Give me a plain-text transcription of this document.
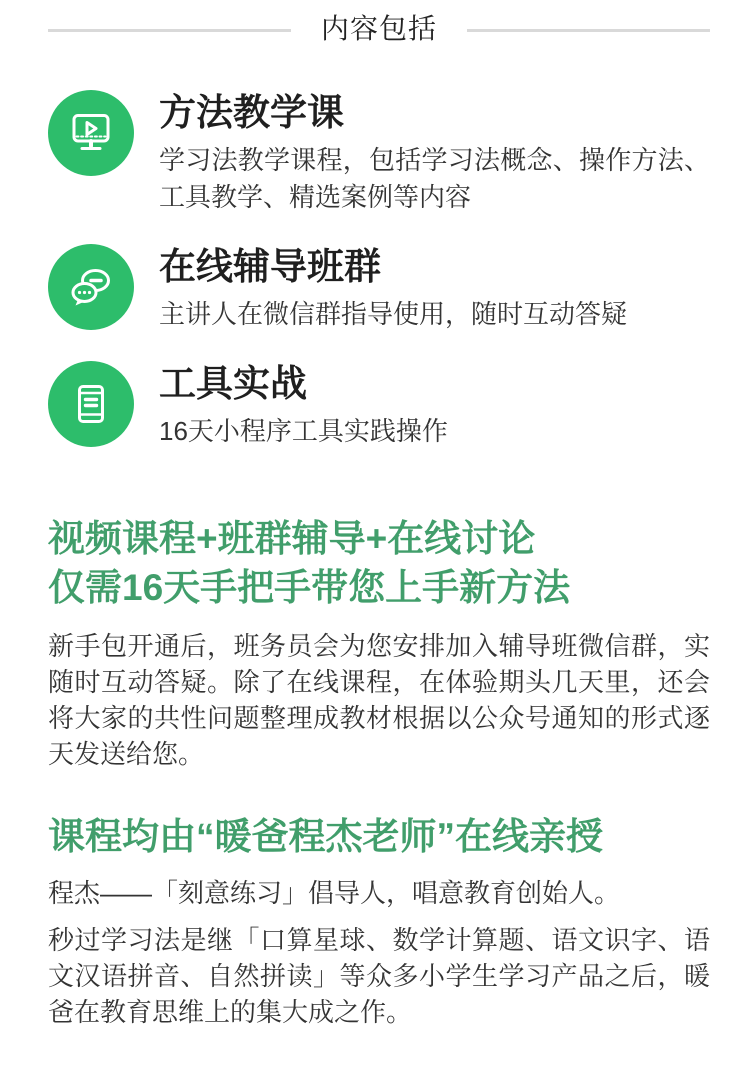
内容包括
方法教学课
学习法教学课程，包括学习法概念、操作方法、工具教学、精选案例等内容
在线辅导班群
主讲人在微信群指导使用，随时互动答疑
工具实战
16天小程序工具实践操作
视频课程+班群辅导+在线讨论
仅需16天手把手带您上手新方法
新手包开通后，班务员会为您安排加入辅导班微信群，实随时互动答疑。除了在线课程，在体验期头几天里，还会将大家的共性问题整理成教材根据以公众号通知的形式逐天发送给您。
课程均由“暖爸程杰老师”在线亲授
程杰——「刻意练习」倡导人，唱意教育创始人。
秒过学习法是继「口算星球、数学计算题、语文识字、语文汉语拼音、自然拼读」等众多小学生学习产品之后，暖爸在教育思维上的集大成之作。
